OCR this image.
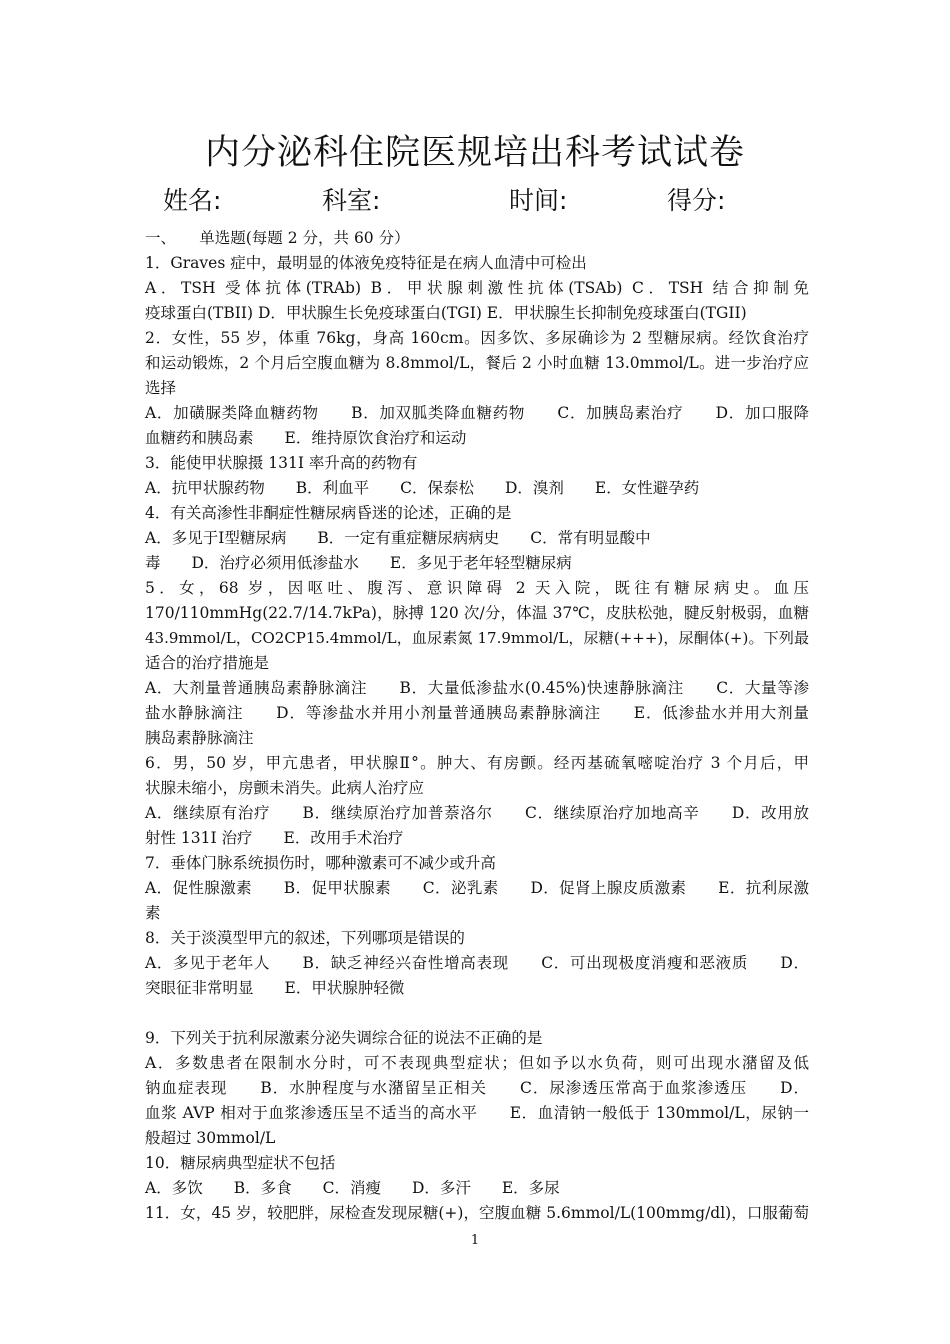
内分泌科住院医规培出科考试试卷
姓名:	科室:	时间:	得分:
一、　　单选题(每题 2 分，共 60 分）
1．Graves 症中，最明显的体液免疫特征是在病人血清中可检出
A．TSH 受体抗体(TRAb) B．甲状腺刺激性抗体(TSAb) C．TSH 结合抑制免
疫球蛋白(TBII) D．甲状腺生长免疫球蛋白(TGI) E．甲状腺生长抑制免疫球蛋白(TGII)
2．女性，55 岁，体重 76kg，身高 160cm。因多饮、多尿确诊为 2 型糖尿病。经饮食治疗
和运动锻炼，2 个月后空腹血糖为 8.8mmol/L，餐后 2 小时血糖 13.0mmol/L。进一步治疗应
选择
A．加磺脲类降血糖药物　　B．加双胍类降血糖药物　　C．加胰岛素治疗　　D．加口服降
血糖药和胰岛素　　E．维持原饮食治疗和运动
3．能使甲状腺摄 131I 率升高的药物有
A．抗甲状腺药物　　B．利血平　　C．保泰松　　D．溴剂　　E．女性避孕药
4．有关高渗性非酮症性糖尿病昏迷的论述，正确的是
A．多见于Ⅰ型糖尿病　　B．一定有重症糖尿病病史　　C．常有明显酸中
毒　　D．治疗必须用低渗盐水　　E．多见于老年轻型糖尿病
5．女，68 岁，因呕吐、腹泻、意识障碍 2 天入院，既往有糖尿病史。血压
170/110mmHg(22.7/14.7kPa)，脉搏 120 次/分，体温 37℃，皮肤松弛，腱反射极弱，血糖
43.9mmol/L，CO2CP15.4mmol/L，血尿素氮 17.9mmol/L，尿糖(+++)，尿酮体(+)。下列最
适合的治疗措施是
A．大剂量普通胰岛素静脉滴注　　B．大量低渗盐水(0.45%)快速静脉滴注　　C．大量等渗
盐水静脉滴注　　D．等渗盐水并用小剂量普通胰岛素静脉滴注　　E．低渗盐水并用大剂量
胰岛素静脉滴注
6．男，50 岁，甲亢患者，甲状腺Ⅱ°。肿大、有房颤。经丙基硫氧嘧啶治疗 3 个月后，甲
状腺未缩小，房颤未消失。此病人治疗应
A．继续原有治疗　　B．继续原治疗加普萘洛尔　　C．继续原治疗加地高辛　　D．改用放
射性 131I 治疗　　E．改用手术治疗
7．垂体门脉系统损伤时，哪种激素可不减少或升高
A．促性腺激素　　B．促甲状腺素　　C．泌乳素　　D．促肾上腺皮质激素　　E．抗利尿激
素
8．关于淡漠型甲亢的叙述，下列哪项是错误的
A．多见于老年人　　B．缺乏神经兴奋性增高表现　　C．可出现极度消瘦和恶液质　　D．
突眼征非常明显　　E．甲状腺肿轻微
9．下列关于抗利尿激素分泌失调综合征的说法不正确的是
A．多数患者在限制水分时，可不表现典型症状；但如予以水负荷，则可出现水潴留及低
钠血症表现　　B．水肿程度与水潴留呈正相关　　C．尿渗透压常高于血浆渗透压　　D．
血浆 AVP 相对于血浆渗透压呈不适当的高水平　　E．血清钠一般低于 130mmol/L，尿钠一
般超过 30mmol/L
10．糖尿病典型症状不包括
A．多饮　　B．多食　　C．消瘦　　D．多汗　　E．多尿
11．女，45 岁，较肥胖，尿检查发现尿糖(+)，空腹血糖 5.6mmol/L(100mmg/dl)，口服葡萄
1
